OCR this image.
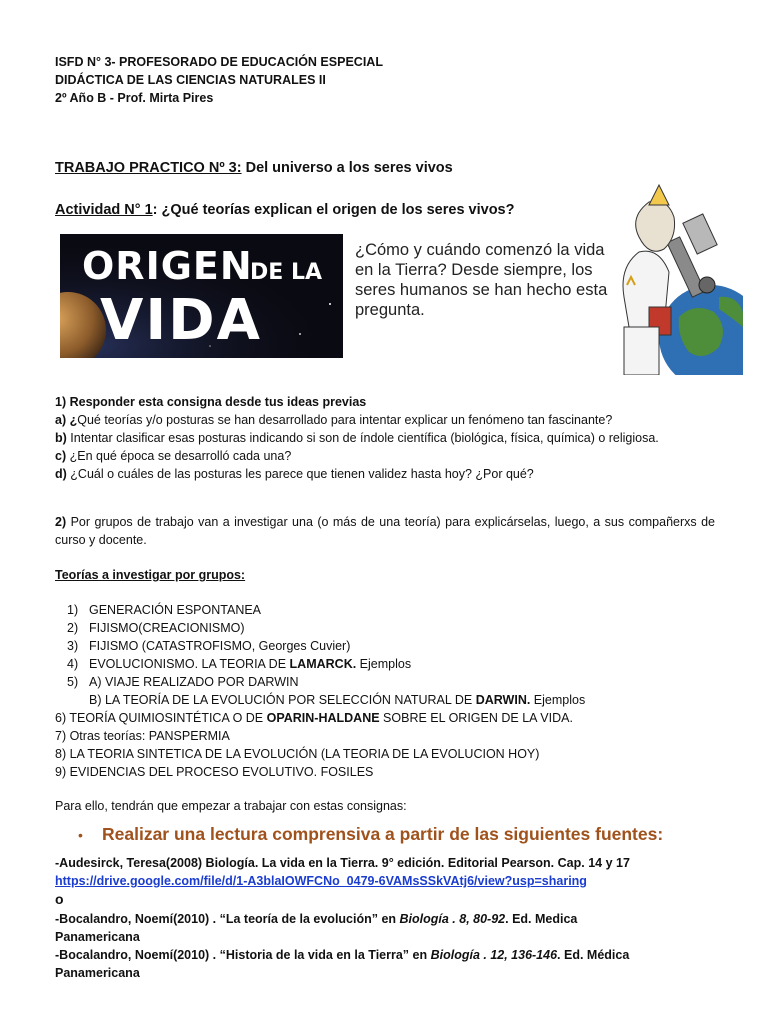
ISFD N° 3- PROFESORADO DE EDUCACIÓN ESPECIAL
DIDÁCTICA DE LAS CIENCIAS NATURALES II
2º Año B - Prof. Mirta Pires
TRABAJO PRACTICO Nº 3: Del universo a los seres vivos
Actividad N° 1: ¿Qué teorías explican el origen de los seres vivos?
ORIGEN
DE LA
VIDA
¿Cómo y cuándo comenzó la vida en la Tierra? Desde siempre, los seres humanos se han hecho esta pregunta.

1) Responder esta consigna desde tus ideas previas

a) ¿Qué teorías y/o posturas se han desarrollado para intentar explicar un fenómeno tan fascinante?

b) Intentar clasificar esas posturas indicando si son de índole científica (biológica, física, química) o religiosa.

c) ¿En qué época se desarrolló cada una?

d) ¿Cuál o cuáles de las posturas les parece que tienen validez hasta hoy? ¿Por qué?

2) Por grupos de trabajo van a investigar una (o más de una teoría) para explicárselas, luego, a sus compañerxs de curso y docente.

Teorías a investigar por grupos:

1) GENERACIÓN ESPONTANEA
2) FIJISMO(CREACIONISMO)
3) FIJISMO (CATASTROFISMO, Georges Cuvier)
4) EVOLUCIONISMO. LA TEORIA DE LAMARCK. Ejemplos
5) A) VIAJE REALIZADO POR DARWIN

B) LA TEORÍA DE LA EVOLUCIÓN POR SELECCIÓN NATURAL DE DARWIN. Ejemplos

6) TEORÍA QUIMIOSINTÉTICA O DE OPARIN-HALDANE SOBRE EL ORIGEN DE LA VIDA.

7) Otras teorías: PANSPERMIA

8) LA TEORIA SINTETICA DE LA EVOLUCIÓN (LA TEORIA DE LA EVOLUCION HOY)

9) EVIDENCIAS DEL PROCESO EVOLUTIVO. FOSILES

Para ello, tendrán que empezar a trabajar con estas consignas:
• Realizar una lectura comprensiva a partir de las siguientes fuentes:
-Audesirck, Teresa(2008) Biología. La vida en la Tierra. 9° edición. Editorial Pearson. Cap. 14 y 17
https://drive.google.com/file/d/1-A3blaIOWFCNo_0479-6VAMsSSkVAtj6/view?usp=sharing
o
-Bocalandro, Noemí(2010) . “La teoría de la evolución” en Biología . 8, 80-92. Ed. Medica
Panamericana
-Bocalandro, Noemí(2010) . “Historia de la vida en la Tierra” en Biología . 12, 136-146. Ed. Médica
Panamericana
